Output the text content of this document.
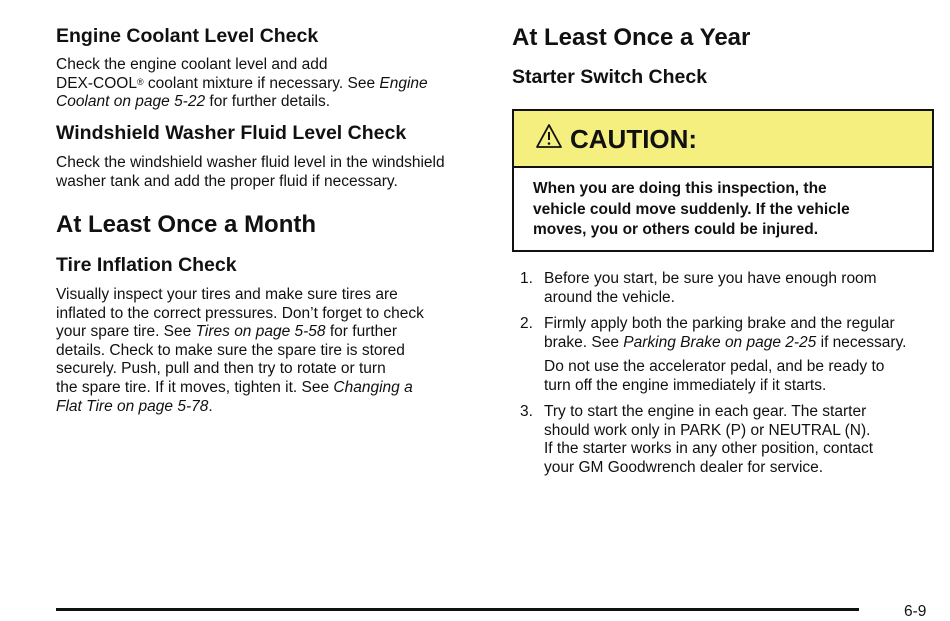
Engine Coolant Level Check
Check the engine coolant level and add
DEX-COOL® coolant mixture if necessary. See Engine
Coolant on page 5-22 for further details.
Windshield Washer Fluid Level Check
Check the windshield washer fluid level in the windshield
washer tank and add the proper fluid if necessary.
At Least Once a Month
Tire Inflation Check
Visually inspect your tires and make sure tires are
inflated to the correct pressures. Don’t forget to check
your spare tire. See Tires on page 5-58 for further
details. Check to make sure the spare tire is stored
securely. Push, pull and then try to rotate or turn
the spare tire. If it moves, tighten it. See Changing a
Flat Tire on page 5-78.
At Least Once a Year
Starter Switch Check
CAUTION:
When you are doing this inspection, the
vehicle could move suddenly. If the vehicle
moves, you or others could be injured.
1. Before you start, be sure you have enough room
around the vehicle.
2. Firmly apply both the parking brake and the regular
brake. See Parking Brake on page 2-25 if necessary.
Do not use the accelerator pedal, and be ready to
turn off the engine immediately if it starts.
3. Try to start the engine in each gear. The starter
should work only in PARK (P) or NEUTRAL (N).
If the starter works in any other position, contact
your GM Goodwrench dealer for service.
6-9
